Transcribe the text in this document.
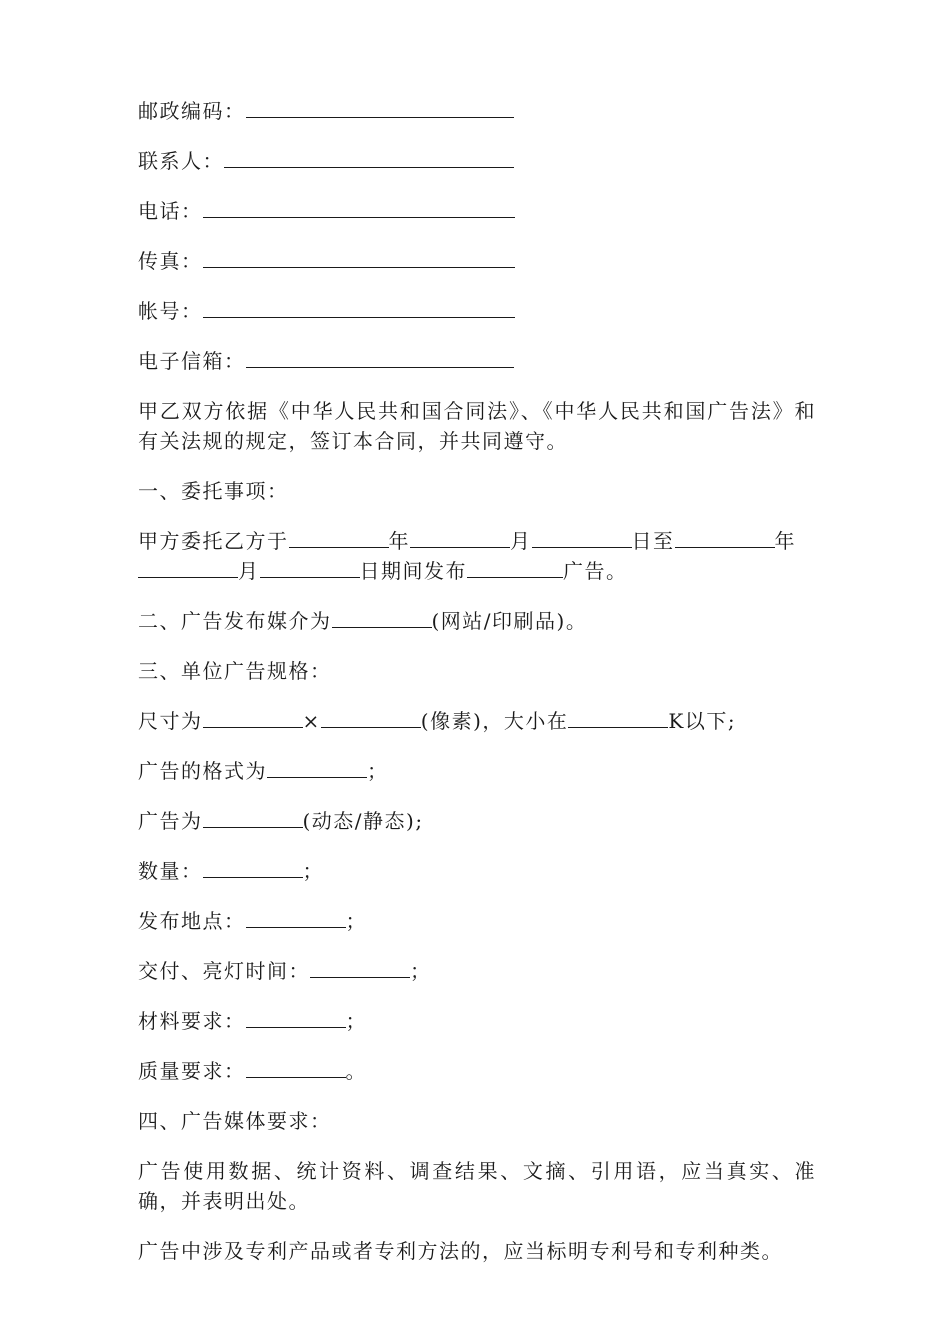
邮政编码：
联系人：
电话：
传真：
帐号：
电子信箱：
甲乙双方依据《中华人民共和国合同法》、《中华人民共和国广告法》和有关法规的规定，签订本合同，并共同遵守。
一、委托事项：
甲方委托乙方于	年	月	日至	年
月	日期间发布	广告。
二、广告发布媒介为	(网站/印刷品)。
三、单位广告规格：
尺寸为	×	(像素)，大小在	K以下;
广告的格式为	；
广告为	(动态/静态);
数量：	；
发布地点：	；
交付、亮灯时间：	；
材料要求：	；
质量要求：	。
四、广告媒体要求：
广告使用数据、统计资料、调查结果、文摘、引用语，应当真实、准确，并表明出处。
广告中涉及专利产品或者专利方法的，应当标明专利号和专利种类。
